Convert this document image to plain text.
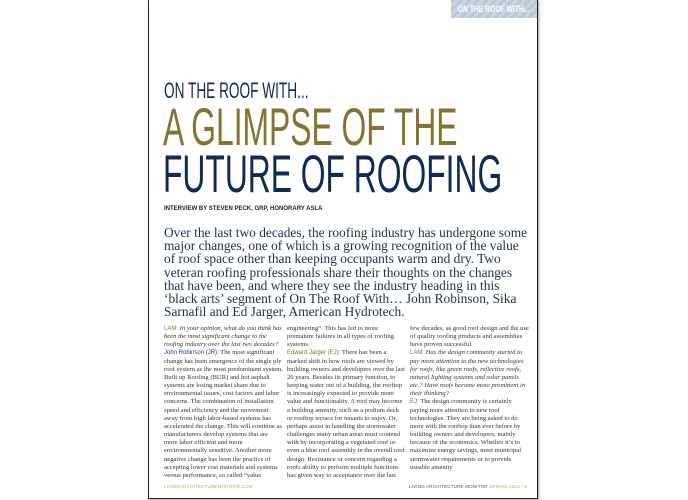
ON THE ROOF WITH...
ON THE ROOF WITH...
A GLIMPSE OF THE
FUTURE OF ROOFING
INTERVIEW BY STEVEN PECK, GRP, HONORARY ASLA
Over the last two decades, the roofing industry has undergone some major changes, one of which is a growing recognition of the value of roof space other than keeping occupants warm and dry. Two veteran roofing professionals share their thoughts on the changes that have been, and where they see the industry heading in this ‘black arts’ segment of On The Roof With… John Robinson, Sika Sarnafil and Ed Jarger, American Hydrotech.
LAM: In your opinion, what do you think has been the most significant change to the roofing industry over the last two decades?
John Robinson (JR): The most significant change has been emergence of the single ply roof system as the most predominant system. Built up Roofing (BUR) and hot asphalt systems are losing market share due to environmental issues, cost factors and labor concerns. The combination of installation speed and efficiency and the movement away from high labor-based systems has accelerated the change. This will continue as manufacturers develop systems that are more labor efficient and more environmentally sensitive. Another more negative change has been the practice of accepting lower cost materials and systems versus performance, so called “value engineering”. This has led to more premature failures in all types of roofing systems.
Edward Jarger (EJ): There has been a marked shift in how roofs are viewed by building owners and developers over the last 20 years. Besides its primary function, to keeping water out of a building, the rooftop is increasingly expected to provide more value and functionality. A roof may become a building amenity, such as a podium deck or rooftop terrace for tenants to enjoy. Or, perhaps assist in handling the stormwater challenges many urban areas must contend with by incorporating a vegetated roof or even a blue roof assembly in the overall roof design. Resistance or concern regarding a roofs ability to perform multiple functions has given way to acceptance over the last few decades, as good roof design and the use of quality roofing products and assemblies have proven successful.
LAM: Has the design community started to pay more attention to the new technologies for roofs, like green roofs, reflective roofs, natural lighting systems and solar panels etc.? Have roofs become more prominent in their thinking?
EJ: The design community is certainly paying more attention to new roof technologies. They are being asked to do more with the rooftop than ever before by building owners and developers, mainly because of the economics. Whether it’s to maximize energy savings, meet municipal stormwater requirements or to provide useable amenity
LIVINGARCHITECTUREMONITOR.COM	LIVING ARCHITECTURE MONITOR SPRING 2013 / 5
